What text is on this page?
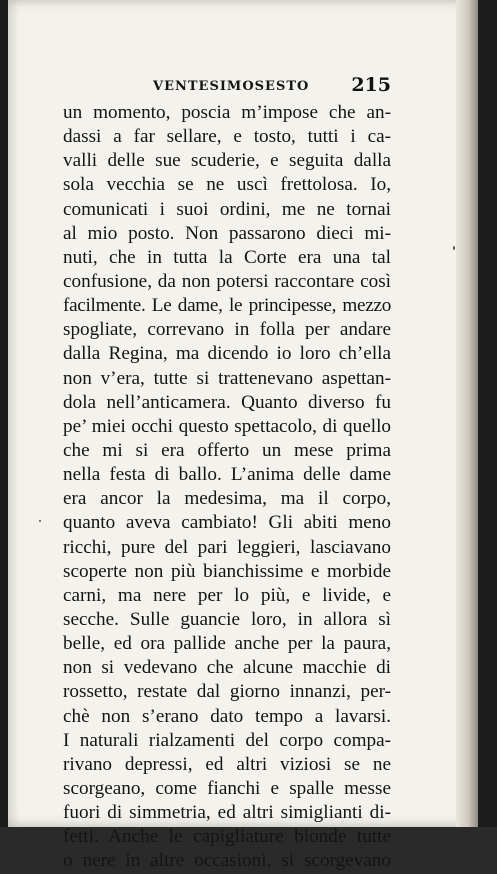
VENTESIMOSESTO 215
un momento, poscia m’impose che an-
dassi a far sellare, e tosto, tutti i ca-
valli delle sue scuderie, e seguita dalla
sola vecchia se ne uscì frettolosa. Io,
comunicati i suoi ordini, me ne tornai
al mio posto. Non passarono dieci mi-
nuti, che in tutta la Corte era una tal
confusione, da non potersi raccontare così
facilmente. Le dame, le principesse, mezzo
spogliate, correvano in folla per andare
dalla Regina, ma dicendo io loro ch’ella
non v’era, tutte si trattenevano aspettan-
dola nell’anticamera. Quanto diverso fu
pe’ miei occhi questo spettacolo, di quello
che mi si era offerto un mese prima
nella festa di ballo. L’anima delle dame
era ancor la medesima, ma il corpo,
quanto aveva cambiato! Gli abiti meno
ricchi, pure del pari leggieri, lasciavano
scoperte non più bianchissime e morbide
carni, ma nere per lo più, e livide, e
secche. Sulle guancie loro, in allora sì
belle, ed ora pallide anche per la paura,
non si vedevano che alcune macchie di
rossetto, restate dal giorno innanzi, per-
chè non s’erano dato tempo a lavarsi.
I naturali rialzamenti del corpo compa-
rivano depressi, ed altri viziosi se ne
scorgeano, come fianchi e spalle messe
fuori di simmetria, ed altri simiglianti di-
fetti. Anche le capigliature bionde tutte
o nere in altre occasioni, si scorgevano
